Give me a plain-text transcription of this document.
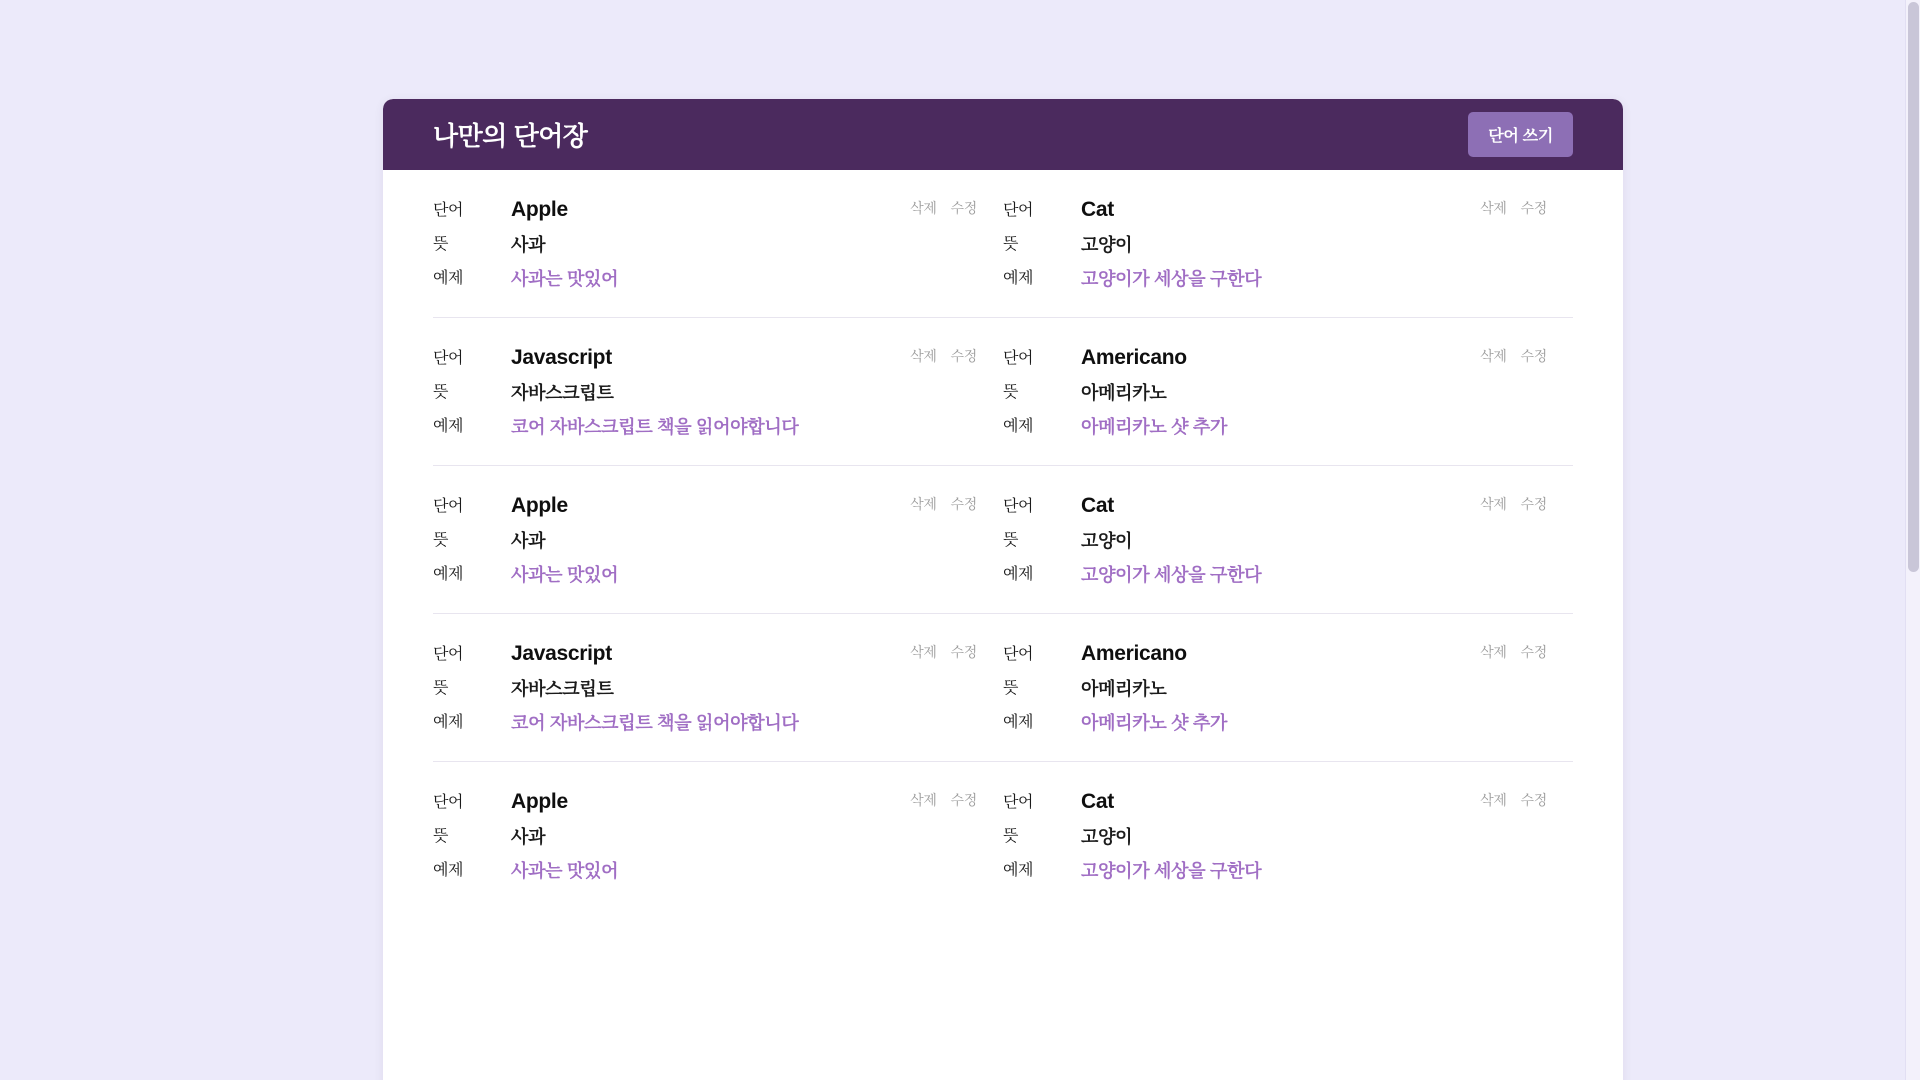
나만의 단어장	단어 쓰기
단어
뜻
예제
Apple
사과
사과는 맛있어
삭제 수정 단어
뜻
예제
Cat
고양이
고양이가 세상을 구한다
삭제 수정
단어
뜻
예제
Javascript
자바스크립트
코어 자바스크립트 책을 읽어야합니다
삭제 수정 단어
뜻
예제
Americano
아메리카노
아메리카노 샷 추가
삭제 수정
단어
뜻
예제
Apple
사과
사과는 맛있어
삭제 수정 단어
뜻
예제
Cat
고양이
고양이가 세상을 구한다
삭제 수정
단어
뜻
예제
Javascript
자바스크립트
코어 자바스크립트 책을 읽어야합니다
삭제 수정 단어
뜻
예제
Americano
아메리카노
아메리카노 샷 추가
삭제 수정
단어
뜻
예제
Apple
사과
사과는 맛있어
삭제 수정 단어
뜻
예제
Cat
고양이
고양이가 세상을 구한다
삭제 수정
